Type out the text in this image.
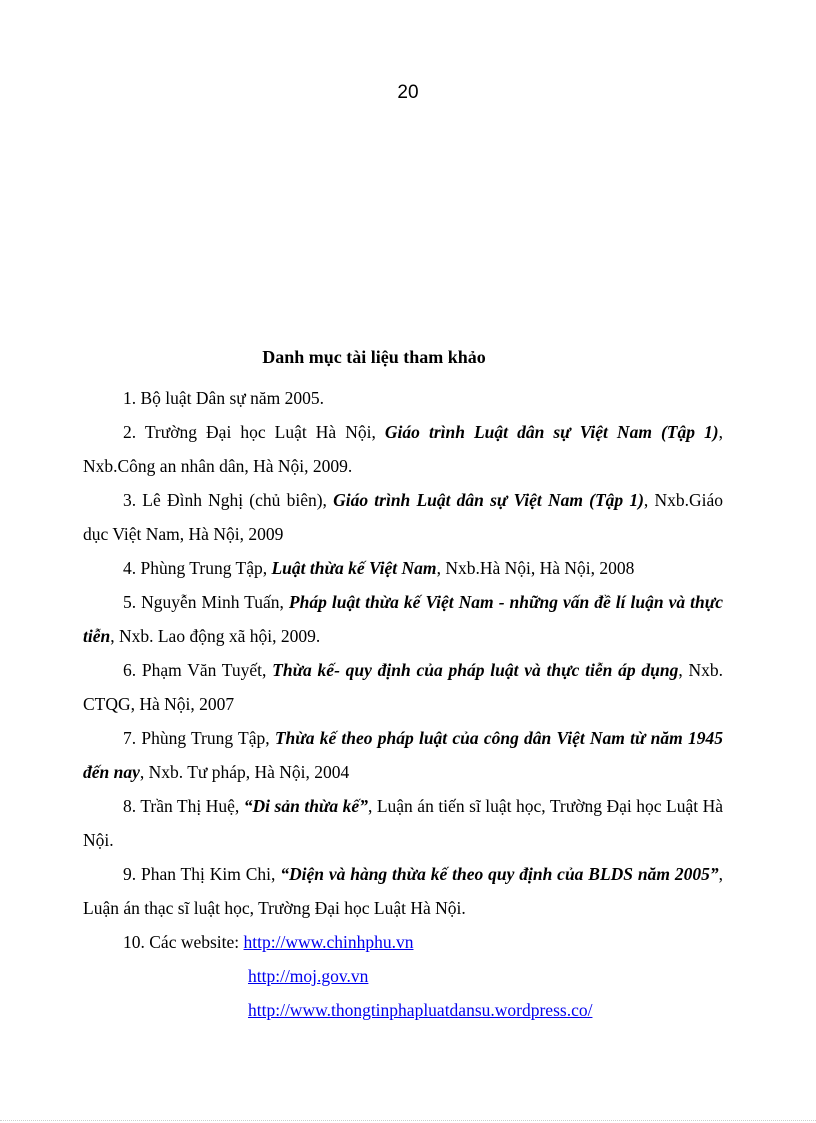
20
Danh mục tài liệu tham khảo

1. Bộ luật Dân sự năm 2005.

2. Trường Đại học Luật Hà Nội, Giáo trình Luật dân sự Việt Nam (Tập 1), Nxb.Công an nhân dân, Hà Nội, 2009.

3. Lê Đình Nghị (chủ biên), Giáo trình Luật dân sự Việt Nam (Tập 1), Nxb.Giáo dục Việt Nam, Hà Nội, 2009

4. Phùng Trung Tập, Luật thừa kế Việt Nam, Nxb.Hà Nội, Hà Nội, 2008

5. Nguyễn Minh Tuấn, Pháp luật thừa kế Việt Nam - những vấn đề lí luận và thực tiễn, Nxb. Lao động xã hội, 2009.

6. Phạm Văn Tuyết, Thừa kế- quy định của pháp luật và thực tiễn áp dụng, Nxb. CTQG, Hà Nội, 2007

7. Phùng Trung Tập, Thừa kế theo pháp luật của công dân Việt Nam từ năm 1945 đến nay, Nxb. Tư pháp, Hà Nội, 2004

8. Trần Thị Huệ, “Di sản thừa kế”, Luận án tiến sĩ luật học, Trường Đại học Luật Hà Nội.

9. Phan Thị Kim Chi, “Diện và hàng thừa kế theo quy định của BLDS năm 2005”, Luận án thạc sĩ luật học, Trường Đại học Luật Hà Nội.

10. Các website: http://www.chinhphu.vn
http://moj.gov.vn
http://www.thongtinphapluatdansu.wordpress.co/
